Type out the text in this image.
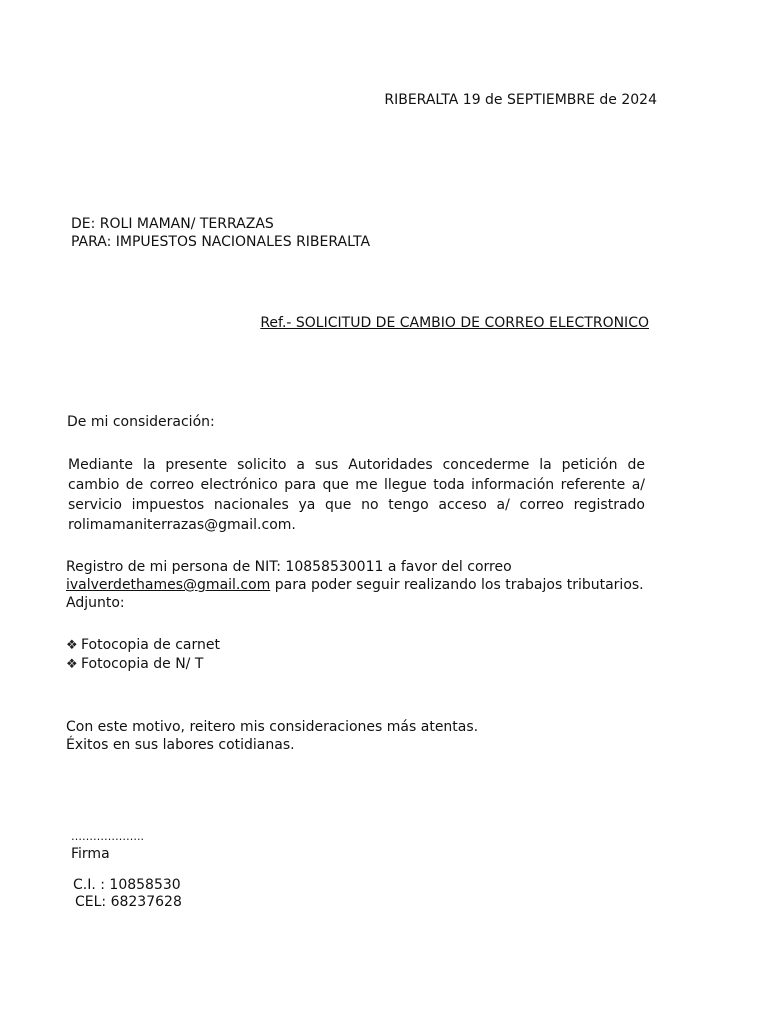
RIBERALTA 19 de SEPTIEMBRE de 2024
DE: ROLI MAMAN/ TERRAZAS
PARA: IMPUESTOS NACIONALES RIBERALTA
Ref.- SOLICITUD DE CAMBIO DE CORREO ELECTRONICO
De mi consideración:
Mediante la presente solicito a sus Autoridades concederme la petición de
cambio de correo electrónico para que me llegue toda información referente a/
servicio impuestos nacionales ya que no tengo acceso a/ correo registrado
rolimamaniterrazas@gmail.com.
Registro de mi persona de NIT: 10858530011 a favor del correo
ivalverdethames@gmail.com para poder seguir realizando los trabajos tributarios.
Adjunto:
❖ Fotocopia de carnet
❖ Fotocopia de N/ T
Con este motivo, reitero mis consideraciones más atentas.
Éxitos en sus labores cotidianas.
………………..
Firma
C.I. : 10858530
CEL: 68237628
